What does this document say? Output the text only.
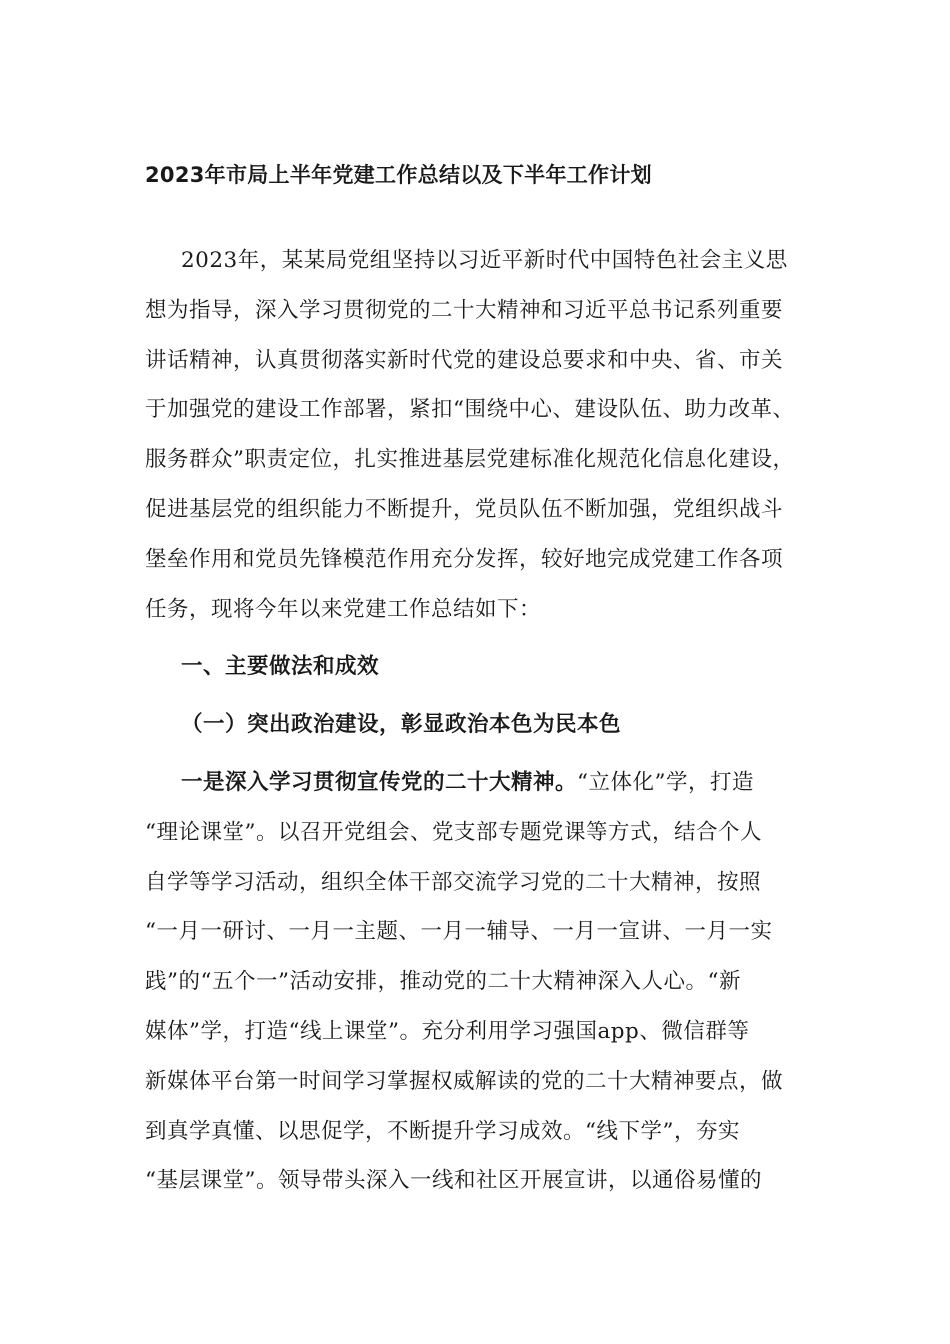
2023年市局上半年党建工作总结以及下半年工作计划
2023年，某某局党组坚持以习近平新时代中国特色社会主义思
想为指导，深入学习贯彻党的二十大精神和习近平总书记系列重要
讲话精神，认真贯彻落实新时代党的建设总要求和中央、省、市关
于加强党的建设工作部署，紧扣“围绕中心、建设队伍、助力改革、
服务群众”职责定位，扎实推进基层党建标准化规范化信息化建设，
促进基层党的组织能力不断提升，党员队伍不断加强，党组织战斗
堡垒作用和党员先锋模范作用充分发挥，较好地完成党建工作各项
任务，现将今年以来党建工作总结如下：
一、主要做法和成效
（一）突出政治建设，彰显政治本色为民本色
一是深入学习贯彻宣传党的二十大精神。“立体化”学，打造
“理论课堂”。以召开党组会、党支部专题党课等方式，结合个人
自学等学习活动，组织全体干部交流学习党的二十大精神，按照
“一月一研讨、一月一主题、一月一辅导、一月一宣讲、一月一实
践”的“五个一”活动安排，推动党的二十大精神深入人心。“新
媒体”学，打造“线上课堂”。充分利用学习强国app、微信群等
新媒体平台第一时间学习掌握权威解读的党的二十大精神要点，做
到真学真懂、以思促学，不断提升学习成效。“线下学”，夯实
“基层课堂”。领导带头深入一线和社区开展宣讲，以通俗易懂的
